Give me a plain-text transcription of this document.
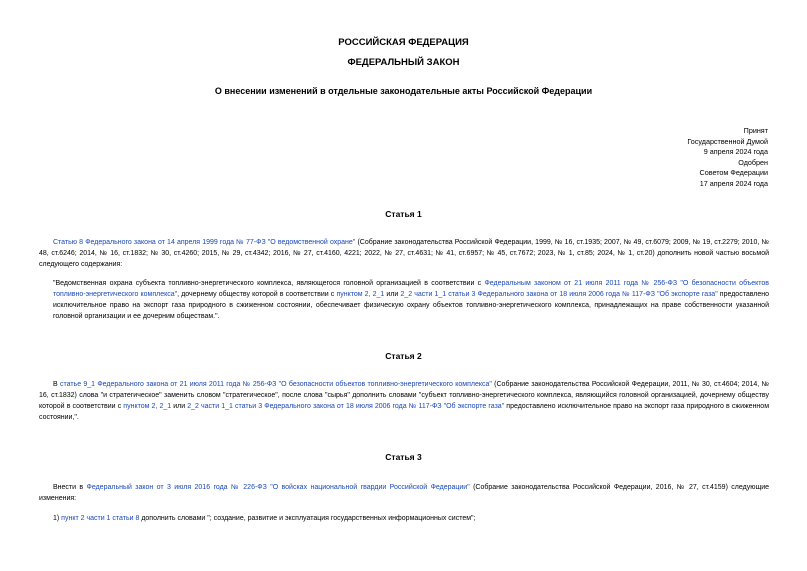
РОССИЙСКАЯ ФЕДЕРАЦИЯ
ФЕДЕРАЛЬНЫЙ ЗАКОН
О внесении изменений в отдельные законодательные акты Российской Федерации
Принят
Государственной Думой
9 апреля 2024 года
Одобрен
Советом Федерации
17 апреля 2024 года
Статья 1
Статью 8 Федерального закона от 14 апреля 1999 года № 77-ФЗ "О ведомственной охране" (Собрание законодательства Российской Федерации, 1999, № 16, ст.1935; 2007, № 49, ст.6079; 2009, № 19, ст.2279; 2010, № 48, ст.6246; 2014, № 16, ст.1832; № 30, ст.4260; 2015, № 29, ст.4342; 2016, № 27, ст.4160, 4221; 2022, № 27, ст.4631; № 41, ст.6957; № 45, ст.7672; 2023, № 1, ст.85; 2024, № 1, ст.20) дополнить новой частью восьмой следующего содержания:
"Ведомственная охрана субъекта топливно-энергетического комплекса, являющегося головной организацией в соответствии с Федеральным законом от 21 июля 2011 года № 256-ФЗ "О безопасности объектов топливно-энергетического комплекса", дочернему обществу которой в соответствии с пунктом 2, 2_1 или 2_2 части 1_1 статьи 3 Федерального закона от 18 июля 2006 года № 117-ФЗ "Об экспорте газа" предоставлено исключительное право на экспорт газа природного в сжиженном состоянии, обеспечивает физическую охрану объектов топливно-энергетического комплекса, принадлежащих на праве собственности указанной головной организации и ее дочерним обществам.".
Статья 2
В статье 9_1 Федерального закона от 21 июля 2011 года № 256-ФЗ "О безопасности объектов топливно-энергетического комплекса" (Собрание законодательства Российской Федерации, 2011, № 30, ст.4604; 2014, № 16, ст.1832) слова "и стратегическое" заменить словом "стратегическое", после слова "сырья" дополнить словами "субъект топливно-энергетического комплекса, являющийся головной организацией, дочернему обществу которой в соответствии с пунктом 2, 2_1 или 2_2 части 1_1 статьи 3 Федерального закона от 18 июля 2006 года № 117-ФЗ "Об экспорте газа" предоставлено исключительное право на экспорт газа природного в сжиженном состоянии,".
Статья 3
Внести в Федеральный закон от 3 июля 2016 года № 226-ФЗ "О войсках национальной гвардии Российской Федерации" (Собрание законодательства Российской Федерации, 2016, № 27, ст.4159) следующие изменения:
1) пункт 2 части 1 статьи 8 дополнить словами "; создание, развитие и эксплуатация государственных информационных систем";
